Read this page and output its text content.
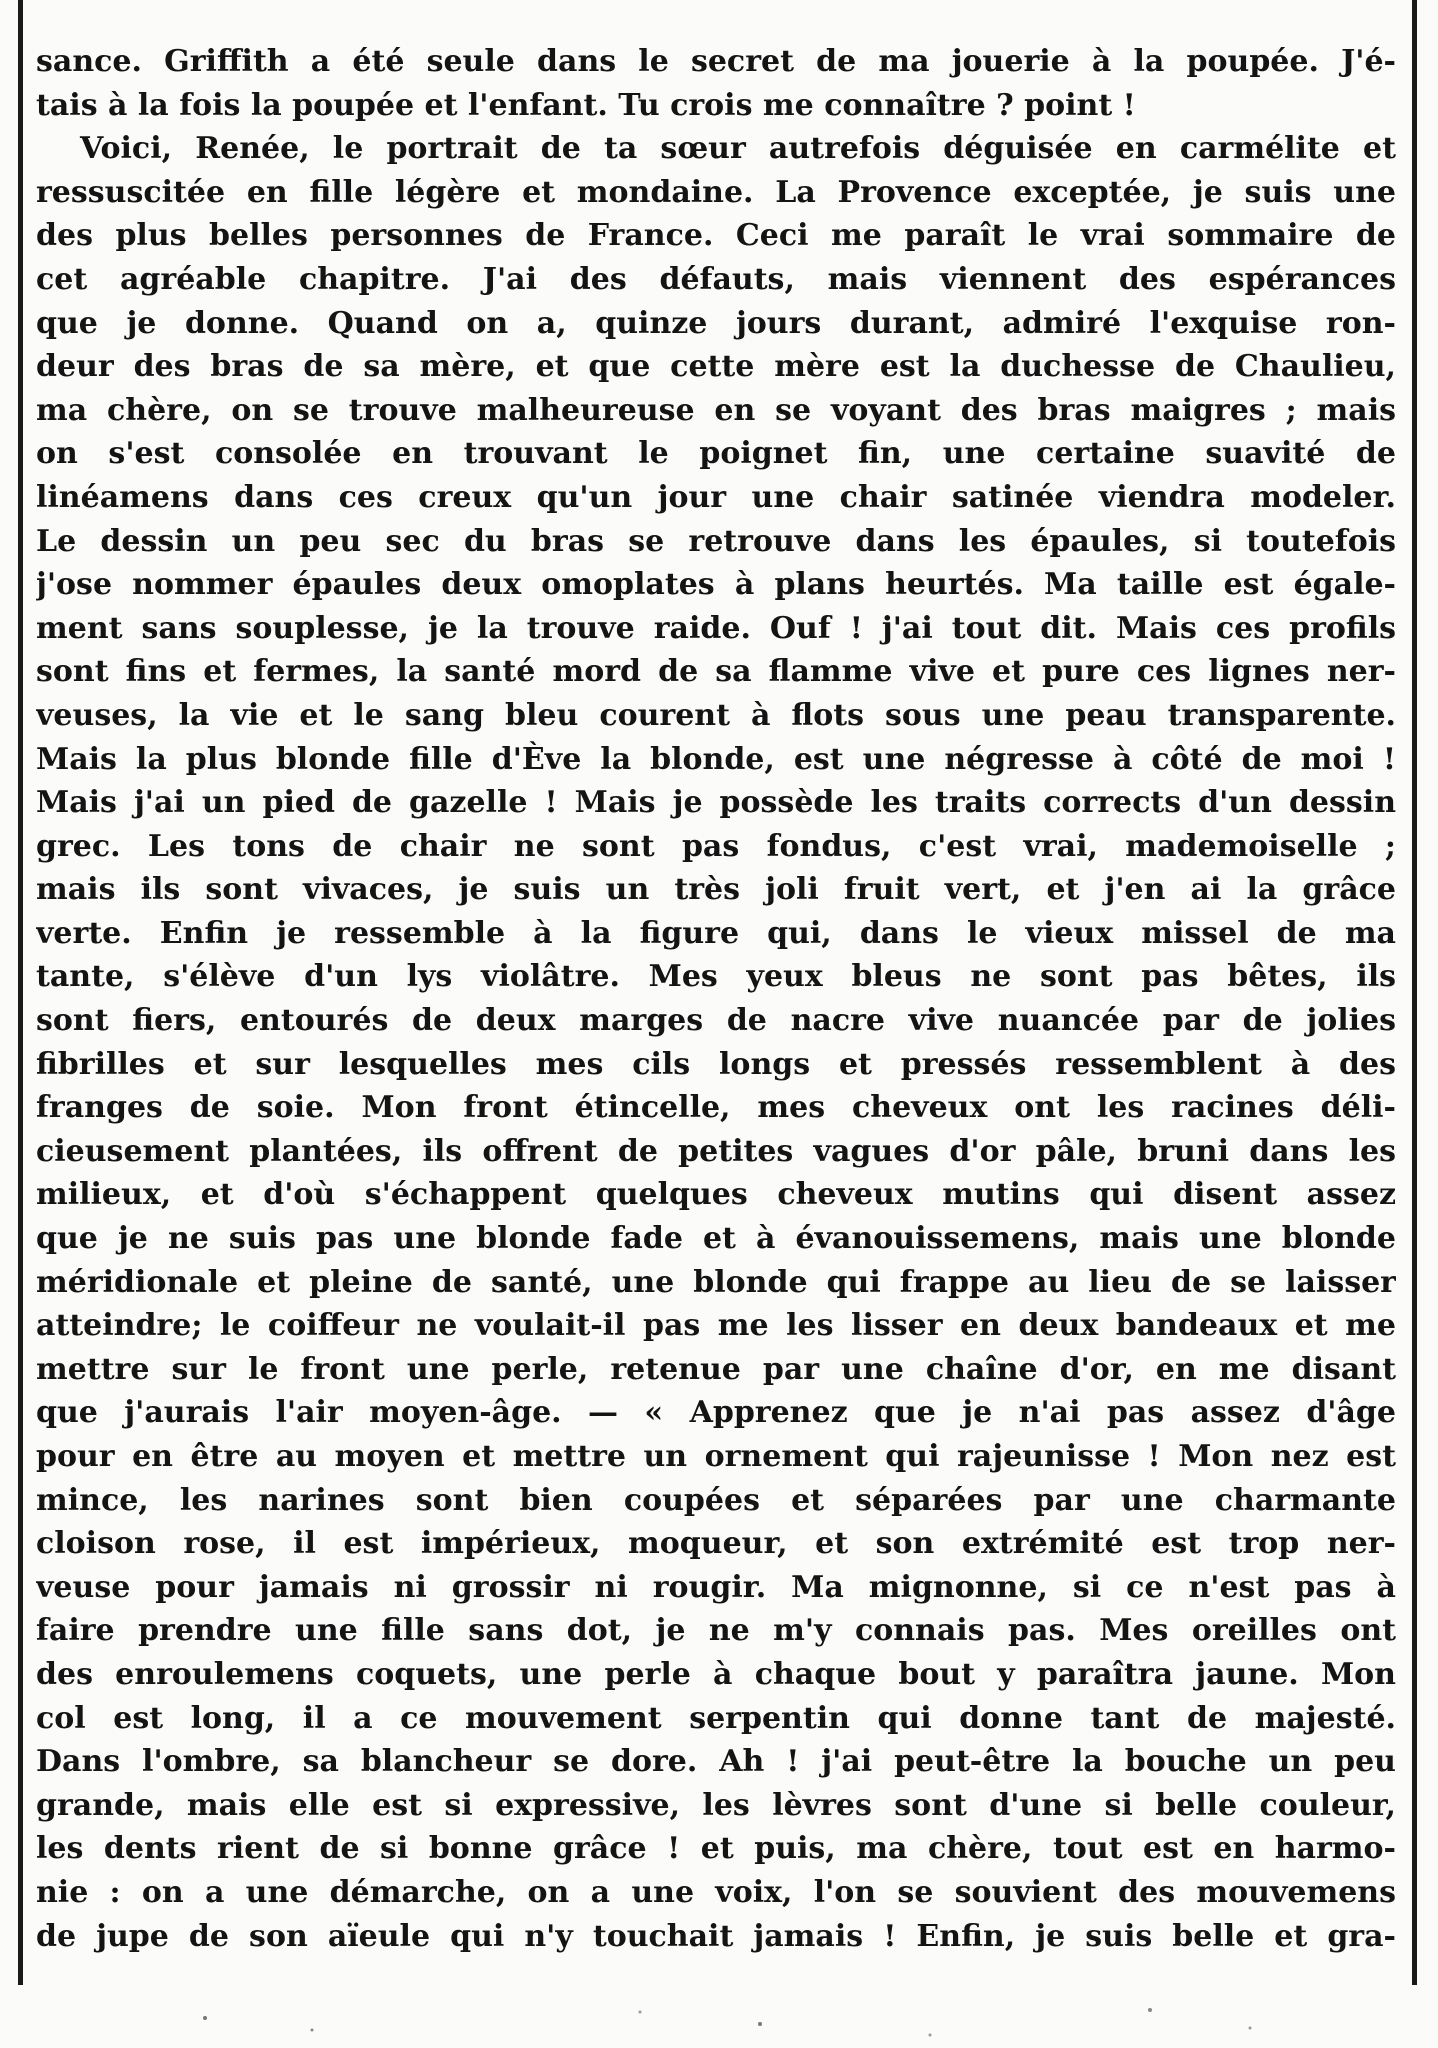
sance. Griffith a été seule dans le secret de ma jouerie à la poupée. J'é-
tais à la fois la poupée et l'enfant. Tu crois me connaître ? point !

Voici, Renée, le portrait de ta sœur autrefois déguisée en carmélite et
ressuscitée en fille légère et mondaine. La Provence exceptée, je suis une
des plus belles personnes de France. Ceci me paraît le vrai sommaire de
cet agréable chapitre. J'ai des défauts, mais viennent des espérances
que je donne. Quand on a, quinze jours durant, admiré l'exquise ron-
deur des bras de sa mère, et que cette mère est la duchesse de Chaulieu,
ma chère, on se trouve malheureuse en se voyant des bras maigres ; mais
on s'est consolée en trouvant le poignet fin, une certaine suavité de
linéamens dans ces creux qu'un jour une chair satinée viendra modeler.
Le dessin un peu sec du bras se retrouve dans les épaules, si toutefois
j'ose nommer épaules deux omoplates à plans heurtés. Ma taille est égale-
ment sans souplesse, je la trouve raide. Ouf ! j'ai tout dit. Mais ces profils
sont fins et fermes, la santé mord de sa flamme vive et pure ces lignes ner-
veuses, la vie et le sang bleu courent à flots sous une peau transparente.
Mais la plus blonde fille d'Ève la blonde, est une négresse à côté de moi !
Mais j'ai un pied de gazelle ! Mais je possède les traits corrects d'un dessin
grec. Les tons de chair ne sont pas fondus, c'est vrai, mademoiselle ;
mais ils sont vivaces, je suis un très joli fruit vert, et j'en ai la grâce
verte. Enfin je ressemble à la figure qui, dans le vieux missel de ma
tante, s'élève d'un lys violâtre. Mes yeux bleus ne sont pas bêtes, ils
sont fiers, entourés de deux marges de nacre vive nuancée par de jolies
fibrilles et sur lesquelles mes cils longs et pressés ressemblent à des
franges de soie. Mon front étincelle, mes cheveux ont les racines déli-
cieusement plantées, ils offrent de petites vagues d'or pâle, bruni dans les
milieux, et d'où s'échappent quelques cheveux mutins qui disent assez
que je ne suis pas une blonde fade et à évanouissemens, mais une blonde
méridionale et pleine de santé, une blonde qui frappe au lieu de se laisser
atteindre; le coiffeur ne voulait-il pas me les lisser en deux bandeaux et me
mettre sur le front une perle, retenue par une chaîne d'or, en me disant
que j'aurais l'air moyen-âge. — « Apprenez que je n'ai pas assez d'âge
pour en être au moyen et mettre un ornement qui rajeunisse ! Mon nez est
mince, les narines sont bien coupées et séparées par une charmante
cloison rose, il est impérieux, moqueur, et son extrémité est trop ner-
veuse pour jamais ni grossir ni rougir. Ma mignonne, si ce n'est pas à
faire prendre une fille sans dot, je ne m'y connais pas. Mes oreilles ont
des enroulemens coquets, une perle à chaque bout y paraîtra jaune. Mon
col est long, il a ce mouvement serpentin qui donne tant de majesté.
Dans l'ombre, sa blancheur se dore. Ah ! j'ai peut-être la bouche un peu
grande, mais elle est si expressive, les lèvres sont d'une si belle couleur,
les dents rient de si bonne grâce ! et puis, ma chère, tout est en harmo-
nie : on a une démarche, on a une voix, l'on se souvient des mouvemens
de jupe de son aïeule qui n'y touchait jamais ! Enfin, je suis belle et gra-
